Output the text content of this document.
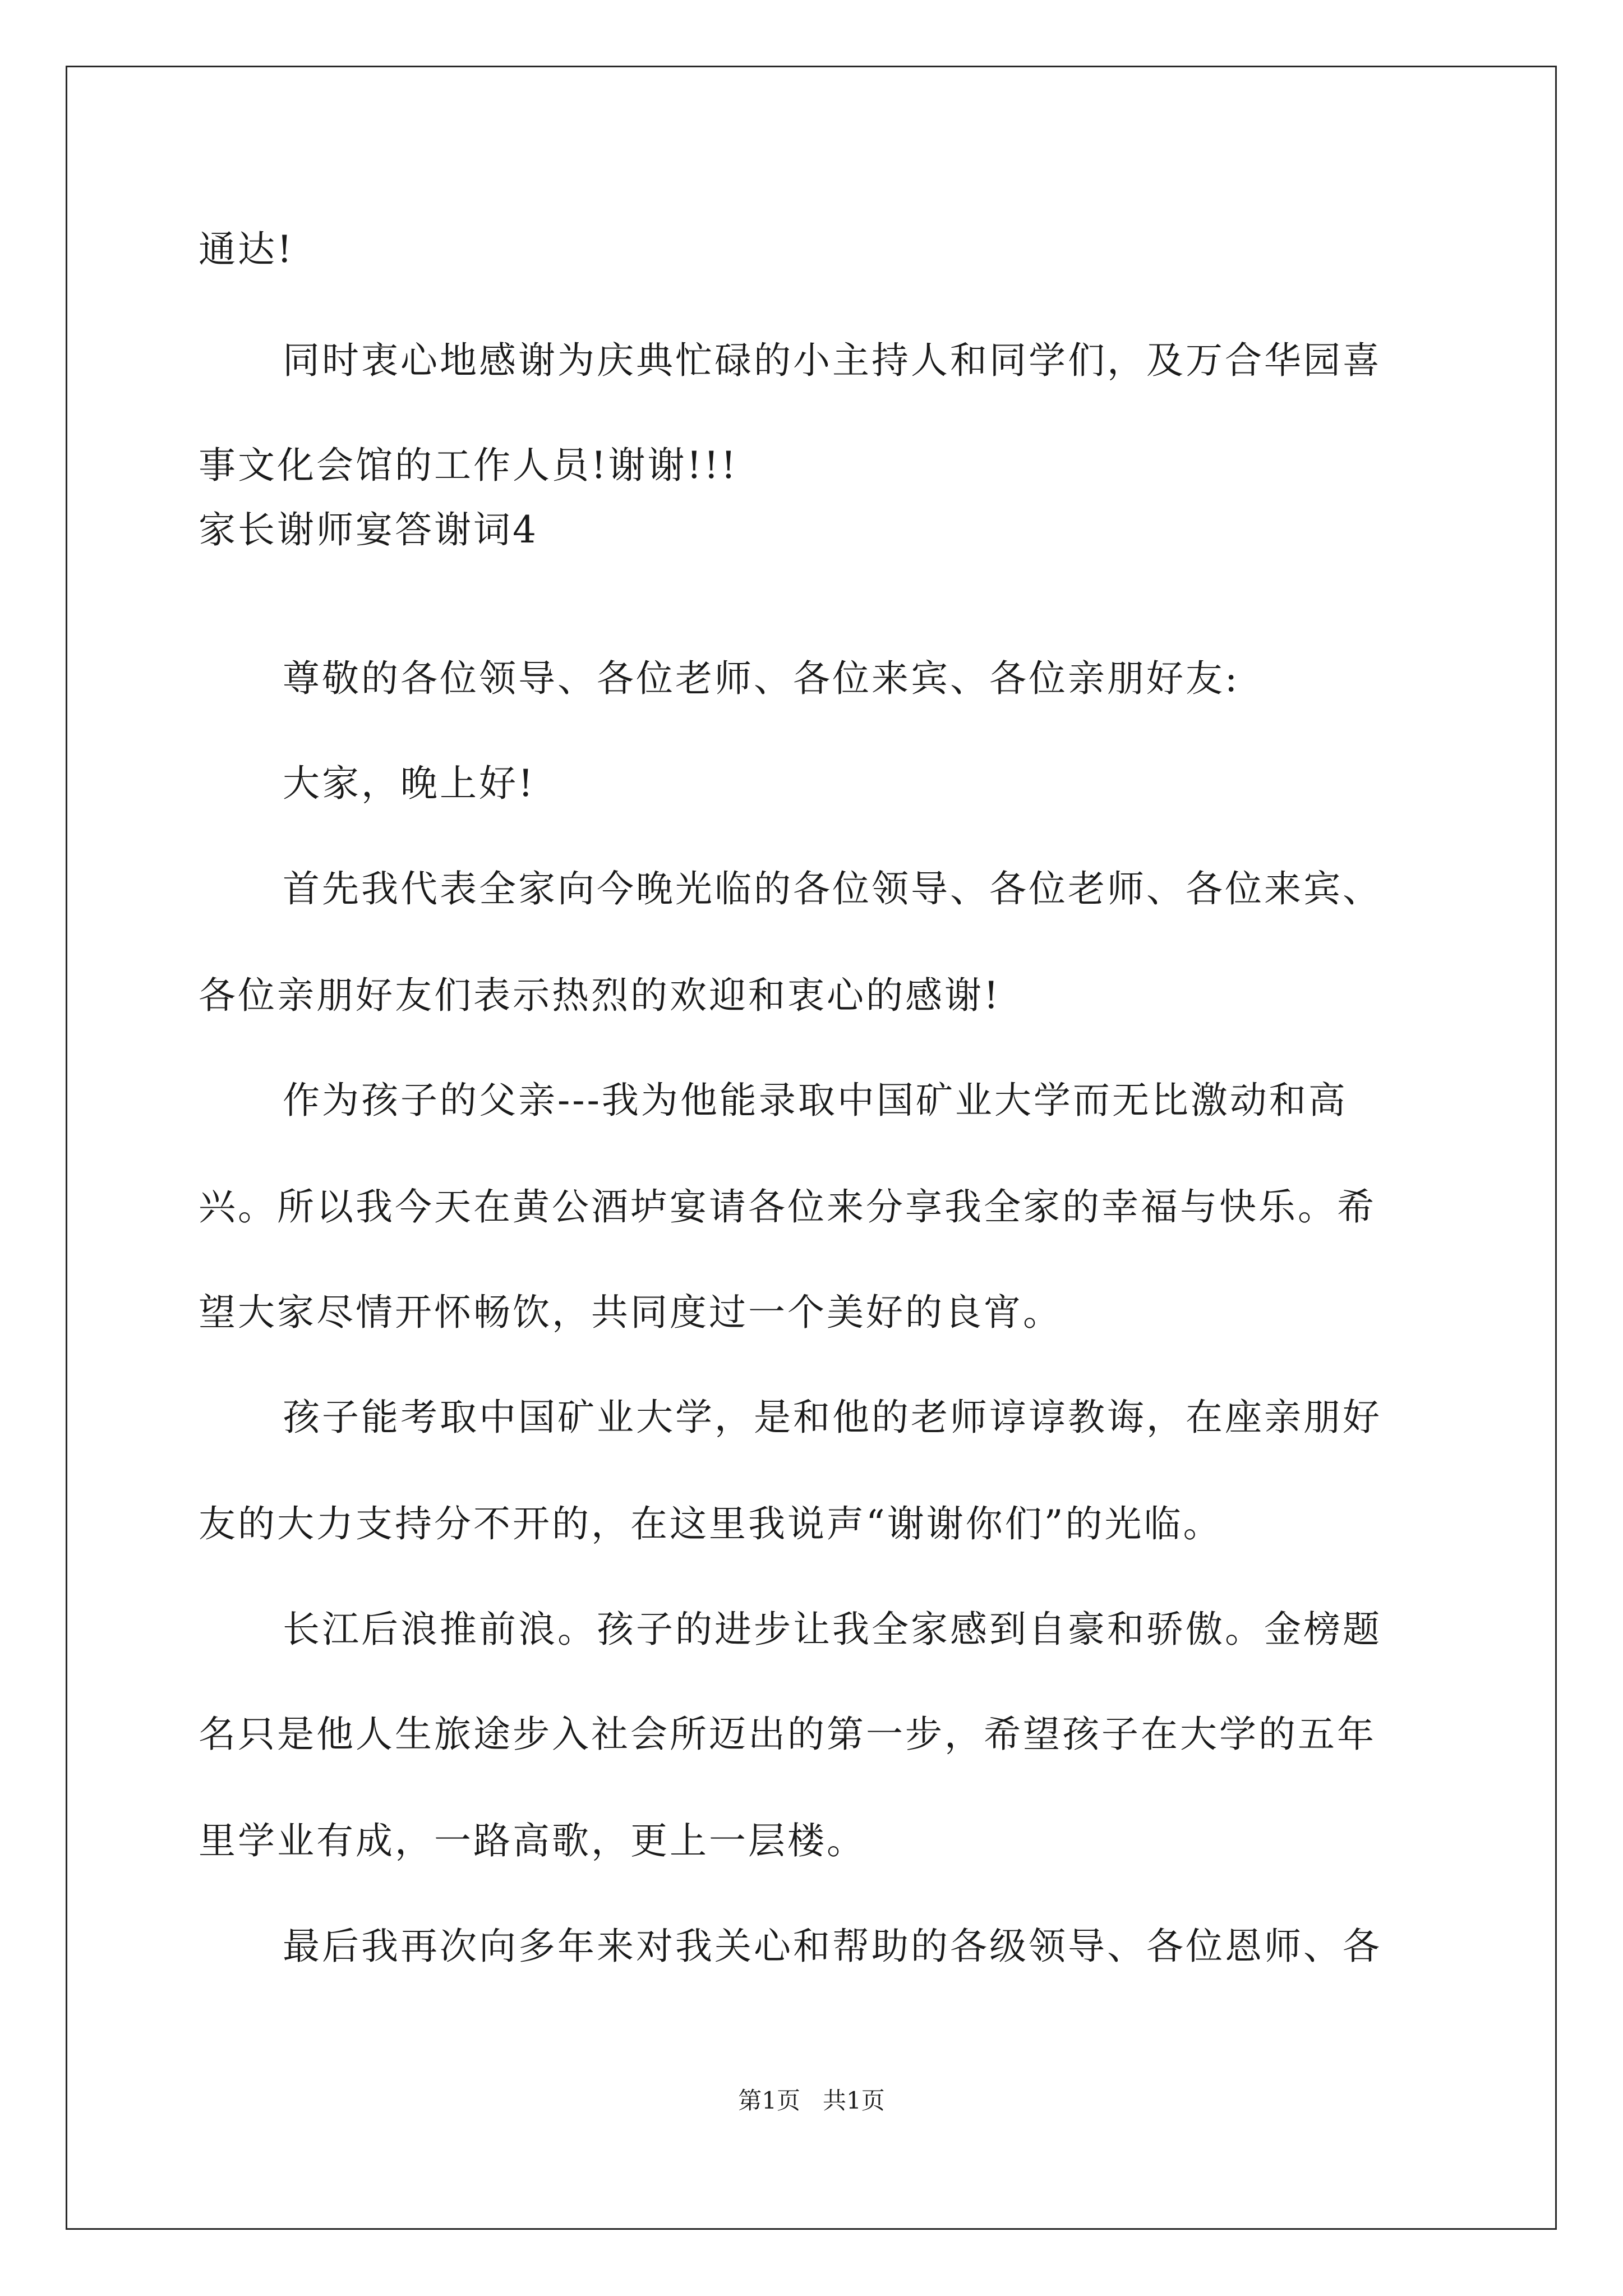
通达!
同时衷心地感谢为庆典忙碌的小主持人和同学们，及万合华园喜
事文化会馆的工作人员!谢谢!!!
家长谢师宴答谢词4
尊敬的各位领导、各位老师、各位来宾、各位亲朋好友:
大家，晚上好!
首先我代表全家向今晚光临的各位领导、各位老师、各位来宾、
各位亲朋好友们表示热烈的欢迎和衷心的感谢!
作为孩子的父亲---我为他能录取中国矿业大学而无比激动和高
兴。所以我今天在黄公酒垆宴请各位来分享我全家的幸福与快乐。希
望大家尽情开怀畅饮，共同度过一个美好的良宵。
孩子能考取中国矿业大学，是和他的老师谆谆教诲，在座亲朋好
友的大力支持分不开的，在这里我说声“谢谢你们”的光临。
长江后浪推前浪。孩子的进步让我全家感到自豪和骄傲。金榜题
名只是他人生旅途步入社会所迈出的第一步，希望孩子在大学的五年
里学业有成，一路高歌，更上一层楼。
最后我再次向多年来对我关心和帮助的各级领导、各位恩师、各
第1页   共1页
